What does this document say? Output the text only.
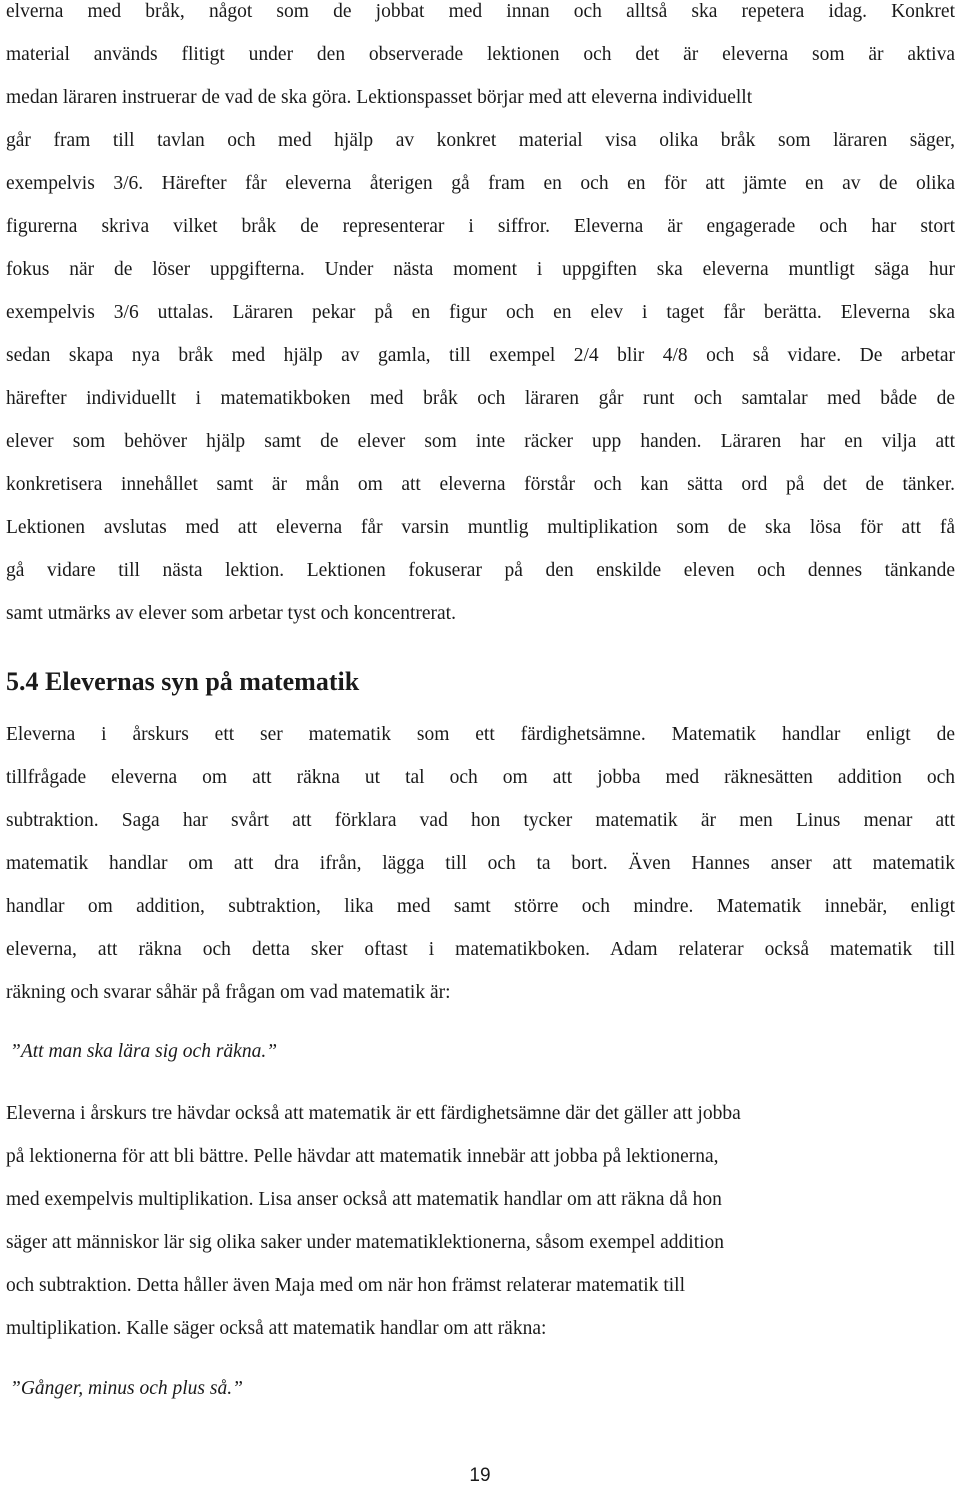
elverna med bråk, något som de jobbat med innan och alltså ska repetera idag. Konkret
material används flitigt under den observerade lektionen och det är eleverna som är aktiva
medan läraren instruerar de vad de ska göra. Lektionspasset börjar med att eleverna individuellt
går fram till tavlan och med hjälp av konkret material visa olika bråk som läraren säger,
exempelvis 3/6. Härefter får eleverna återigen gå fram en och en för att jämte en av de olika
figurerna skriva vilket bråk de representerar i siffror. Eleverna är engagerade och har stort
fokus när de löser uppgifterna. Under nästa moment i uppgiften ska eleverna muntligt säga hur
exempelvis 3/6 uttalas. Läraren pekar på en figur och en elev i taget får berätta. Eleverna ska
sedan skapa nya bråk med hjälp av gamla, till exempel 2/4 blir 4/8 och så vidare. De arbetar
härefter individuellt i matematikboken med bråk och läraren går runt och samtalar med både de
elever som behöver hjälp samt de elever som inte räcker upp handen. Läraren har en vilja att
konkretisera innehållet samt är mån om att eleverna förstår och kan sätta ord på det de tänker.
Lektionen avslutas med att eleverna får varsin muntlig multiplikation som de ska lösa för att få
gå vidare till nästa lektion. Lektionen fokuserar på den enskilde eleven och dennes tänkande
samt utmärks av elever som arbetar tyst och koncentrerat.
5.4 Elevernas syn på matematik
Eleverna i årskurs ett ser matematik som ett färdighetsämne. Matematik handlar enligt de
tillfrågade eleverna om att räkna ut tal och om att jobba med räknesätten addition och
subtraktion. Saga har svårt att förklara vad hon tycker matematik är men Linus menar att
matematik handlar om att dra ifrån, lägga till och ta bort. Även Hannes anser att matematik
handlar om addition, subtraktion, lika med samt större och mindre. Matematik innebär, enligt
eleverna, att räkna och detta sker oftast i matematikboken. Adam relaterar också matematik till
räkning och svarar såhär på frågan om vad matematik är:
”Att man ska lära sig och räkna.”
Eleverna i årskurs tre hävdar också att matematik är ett färdighetsämne där det gäller att jobba
på lektionerna för att bli bättre. Pelle hävdar att matematik innebär att jobba på lektionerna,
med exempelvis multiplikation. Lisa anser också att matematik handlar om att räkna då hon
säger att människor lär sig olika saker under matematiklektionerna, såsom exempel addition
och subtraktion. Detta håller även Maja med om när hon främst relaterar matematik till
multiplikation. Kalle säger också att matematik handlar om att räkna:
”Gånger, minus och plus så.”
19
